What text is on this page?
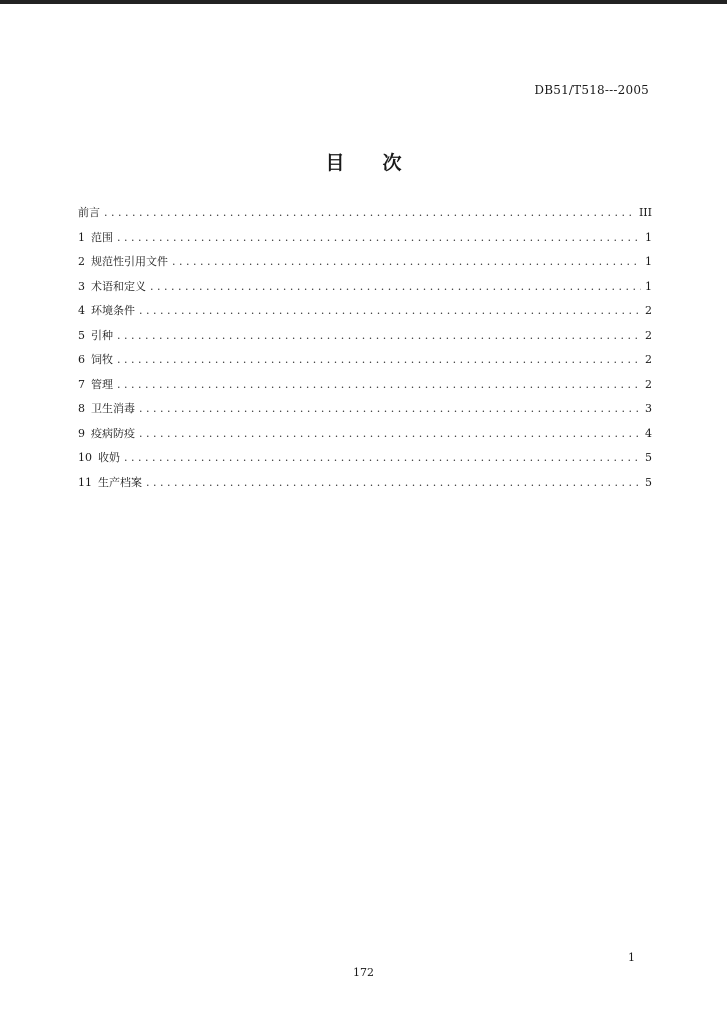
DB51/T518---2005
目 次
前言 . . .	III
1 范围 . . .	1
2 规范性引用文件 . . .	1
3 术语和定义 . . .	1
4 环境条件 . . .	2
5 引种 . . .	2
6 饲牧 . . .	2
7 管理 . . .	2
8 卫生消毒 . . .	3
9 疫病防疫 . . .	4
10 收奶 . . .	5
11 生产档案 . . .	5
1
172
